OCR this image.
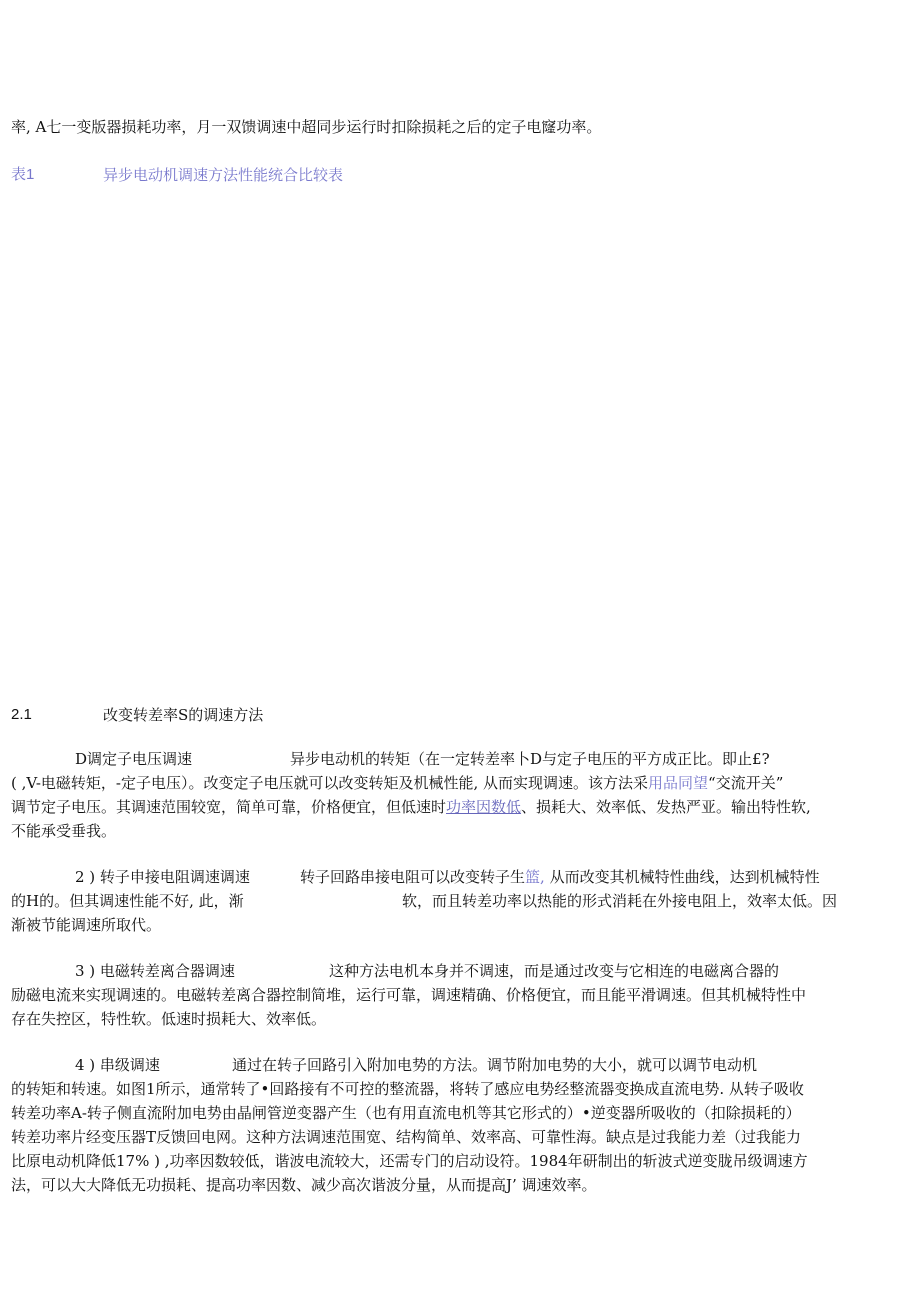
率, A七一变版器损耗功率，月一双馈调速中超同步运行时扣除损耗之后的定子电窿功率。
表1	异步电动机调速方法性能统合比较表
2.1	改变转差率S的调速方法
D调定子电压调速	异步电动机的转矩（在一定转差率卜D与定子电压的平方成正比。即止£?
( ,V-电磁转矩，-定子电压）。改变定子电压就可以改变转矩及机械性能, 从而实现调速。该方法采用品同望“交流开关”
调节定子电压。其调速范围较宽，简单可靠，价格便宜，但低速时功率因数低、损耗大、效率低、发热严亚。输出特性软,
不能承受垂我。
2 ) 转子申接电阻调速调速	转子回路串接电阻可以改变转子生篮, 从而改变其机械特性曲线，达到机械特性
的H的。但其调速性能不好, 此，渐	软，而且转差功率以热能的形式消耗在外接电阻上，效率太低。因
渐被节能调速所取代。
3 ) 电磁转差离合器调速	这种方法电机本身并不调速，而是通过改变与它相连的电磁离合器的
励磁电流来实现调速的。电磁转差离合器控制简堆，运行可靠，调速精确、价格便宜，而且能平滑调速。但其机械特性中
存在失控区，特性软。低速时损耗大、效率低。
4 ) 串级调速	通过在转子回路引入附加电势的方法。调节附加电势的大小，就可以调节电动机
的转矩和转速。如图1所示，通常转了•回路接有不可控的整流器，将转了感应电势经整流器变换成直流电势. 从转子吸收
转差功率A-转子侧直流附加电势由晶闸管逆变器产生（也有用直流电机等其它形式的）•逆变器所吸收的（扣除损耗的）
转差功率片经变压器T反馈回电网。这种方法调速范围宽、结构简单、效率高、可靠性海。缺点是过我能力差（过我能力
比原电动机降低17% ) ,功率因数较低，谐波电流较大，还需专门的启动设符。1984年研制出的斩波式逆变胧吊级调速方
法，可以大大降低无功损耗、提高功率因数、减少高次谐波分量，从而提高J’ 调速效率。
